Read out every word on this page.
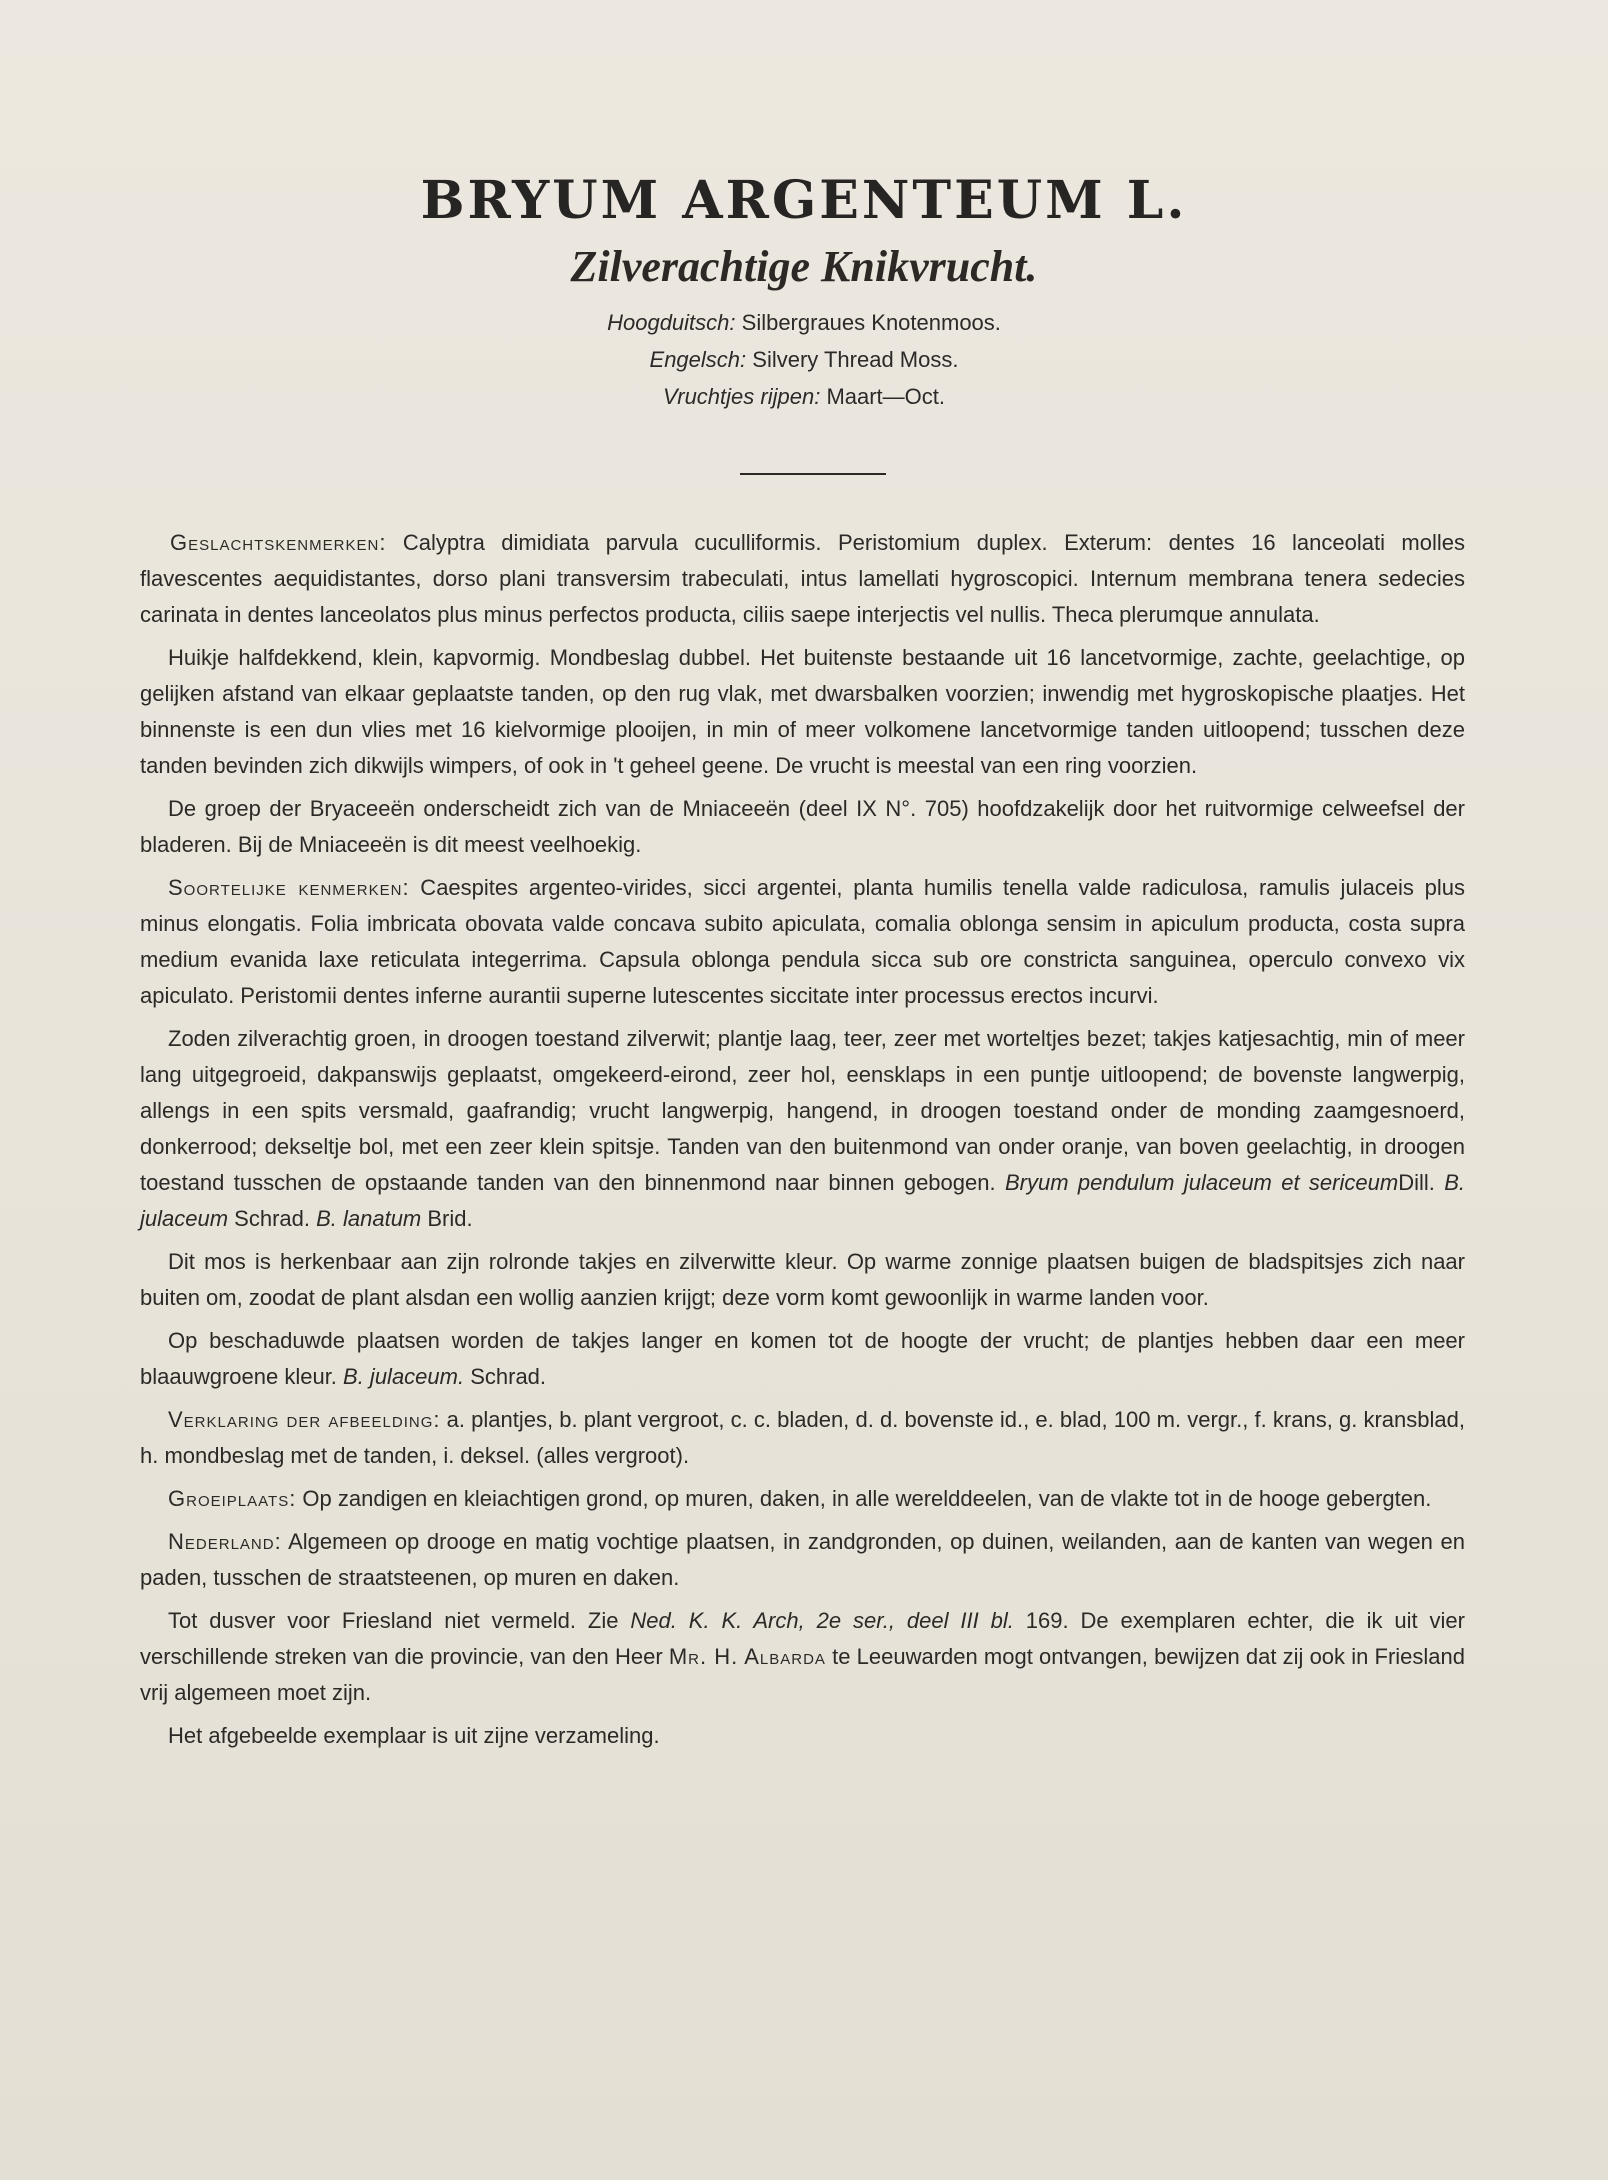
BRYUM ARGENTEUM L.
Zilverachtige Knikvrucht.
Hoogduitsch: Silbergraues Knotenmoos.
Engelsch: Silvery Thread Moss.
Vruchtjes rijpen: Maart—Oct.

Geslachtskenmerken: Calyptra dimidiata parvula cuculliformis. Peristomium duplex. Exterum: dentes 16 lanceolati molles flavescentes aequidistantes, dorso plani transversim trabeculati, intus lamellati hygroscopici. Internum membrana tenera sedecies carinata in dentes lanceolatos plus minus perfectos producta, ciliis saepe interjectis vel nullis. Theca plerumque annulata.

Huikje halfdekkend, klein, kapvormig. Mondbeslag dubbel. Het buitenste bestaande uit 16 lancetvormige, zachte, geelachtige, op gelijken afstand van elkaar geplaatste tanden, op den rug vlak, met dwarsbalken voorzien; inwendig met hygroskopische plaatjes. Het binnenste is een dun vlies met 16 kielvormige plooijen, in min of meer volkomene lancetvormige tanden uitloopend; tusschen deze tanden bevinden zich dikwijls wimpers, of ook in 't geheel geene. De vrucht is meestal van een ring voorzien.

De groep der Bryaceeën onderscheidt zich van de Mniaceeën (deel IX N°. 705) hoofdzakelijk door het ruitvormige celweefsel der bladeren. Bij de Mniaceeën is dit meest veelhoekig.

Soortelijke kenmerken: Caespites argenteo-virides, sicci argentei, planta humilis tenella valde radiculosa, ramulis julaceis plus minus elongatis. Folia imbricata obovata valde concava subito apiculata, comalia oblonga sensim in apiculum producta, costa supra medium evanida laxe reticulata integerrima. Capsula oblonga pendula sicca sub ore constricta sanguinea, operculo convexo vix apiculato. Peristomii dentes inferne aurantii superne lutescentes siccitate inter processus erectos incurvi.

Zoden zilverachtig groen, in droogen toestand zilverwit; plantje laag, teer, zeer met worteltjes bezet; takjes katjesachtig, min of meer lang uitgegroeid, dakpanswijs geplaatst, omgekeerd-eirond, zeer hol, eensklaps in een puntje uitloopend; de bovenste langwerpig, allengs in een spits versmald, gaafrandig; vrucht langwerpig, hangend, in droogen toestand onder de monding zaamgesnoerd, donkerrood; dekseltje bol, met een zeer klein spitsje. Tanden van den buitenmond van onder oranje, van boven geelachtig, in droogen toestand tusschen de opstaande tanden van den binnenmond naar binnen gebogen. Bryum pendulum julaceum et sericeumDill. B. julaceum Schrad. B. lanatum Brid.

Dit mos is herkenbaar aan zijn rolronde takjes en zilverwitte kleur. Op warme zonnige plaatsen buigen de bladspitsjes zich naar buiten om, zoodat de plant alsdan een wollig aanzien krijgt; deze vorm komt gewoonlijk in warme landen voor.

Op beschaduwde plaatsen worden de takjes langer en komen tot de hoogte der vrucht; de plantjes hebben daar een meer blaauwgroene kleur. B. julaceum. Schrad.

Verklaring der afbeelding: a. plantjes, b. plant vergroot, c. c. bladen, d. d. bovenste id., e. blad, 100 m. vergr., f. krans, g. kransblad, h. mondbeslag met de tanden, i. deksel. (alles vergroot).

Groeiplaats: Op zandigen en kleiachtigen grond, op muren, daken, in alle werelddeelen, van de vlakte tot in de hooge gebergten.

Nederland: Algemeen op drooge en matig vochtige plaatsen, in zandgronden, op duinen, weilanden, aan de kanten van wegen en paden, tusschen de straatsteenen, op muren en daken.

Tot dusver voor Friesland niet vermeld. Zie Ned. K. K. Arch, 2e ser., deel III bl. 169. De exemplaren echter, die ik uit vier verschillende streken van die provincie, van den Heer Mr. H. Albarda te Leeuwarden mogt ontvangen, bewijzen dat zij ook in Friesland vrij algemeen moet zijn.

Het afgebeelde exemplaar is uit zijne verzameling.
